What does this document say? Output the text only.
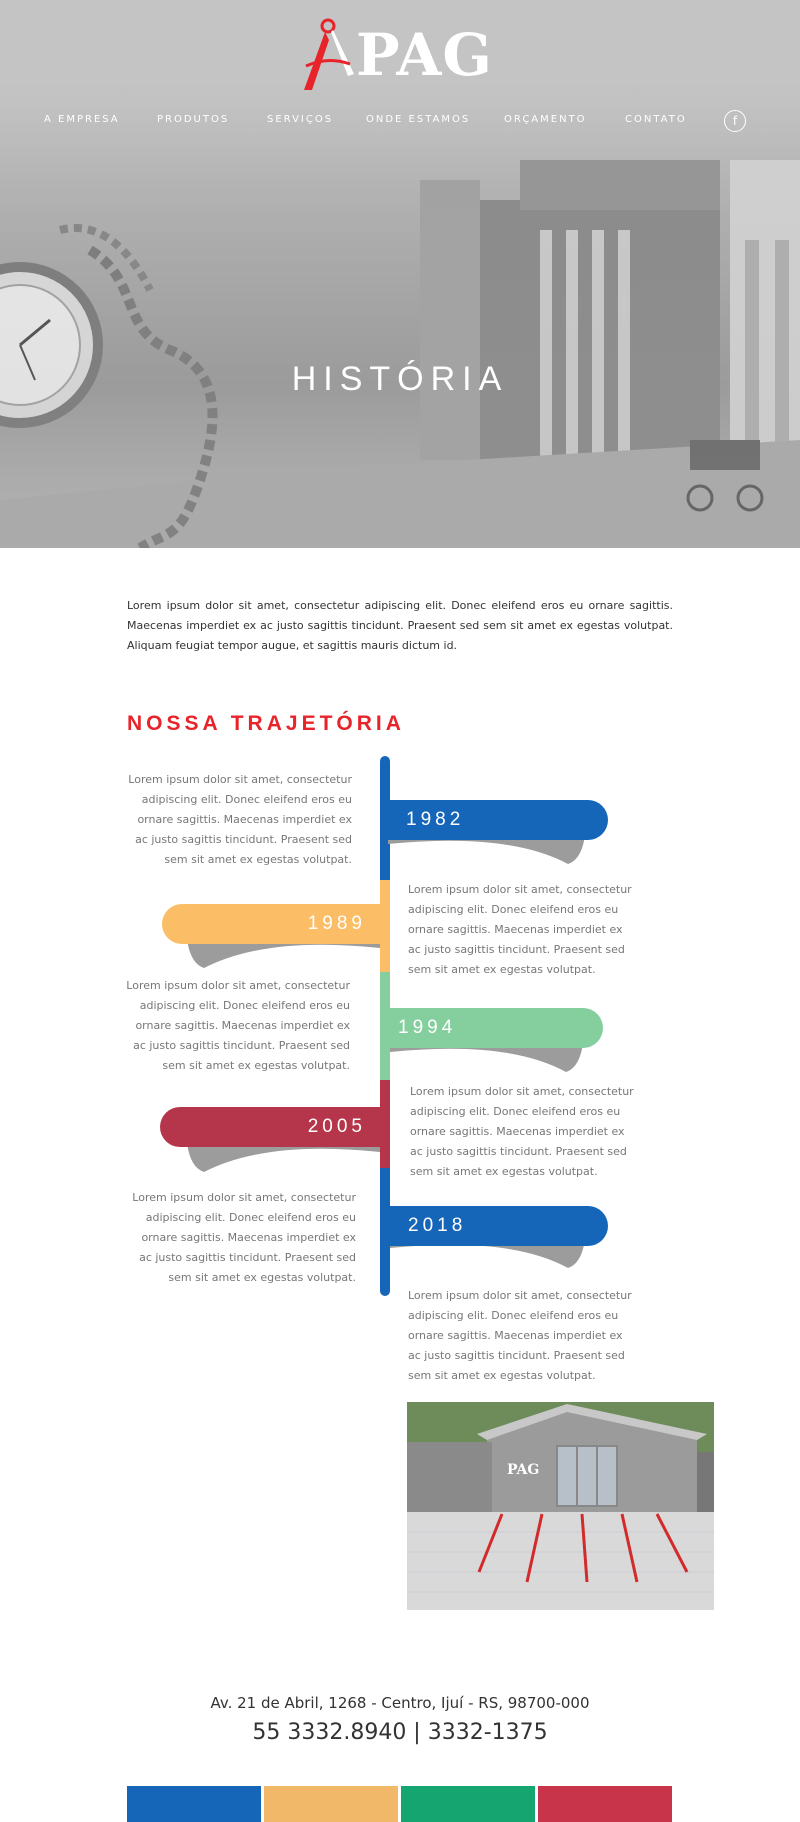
PAG
A EMPRESA	PRODUTOS	SERVIÇOS	ONDE ESTAMOS	ORÇAMENTO	CONTATO	f
HISTÓRIA

Lorem ipsum dolor sit amet, consectetur adipiscing elit. Donec eleifend eros eu ornare sagittis. Maecenas imperdiet ex ac justo sagittis tincidunt. Praesent sed sem sit amet ex egestas volutpat. Aliquam feugiat tempor augue, et sagittis mauris dictum id.

NOSSA TRAJETÓRIA

Lorem ipsum dolor sit amet, consectetur adipiscing elit. Donec eleifend eros eu ornare sagittis. Maecenas imperdiet ex ac justo sagittis tincidunt. Praesent sed sem sit amet ex egestas volutpat.

1982
1989

Lorem ipsum dolor sit amet, consectetur adipiscing elit. Donec eleifend eros eu ornare sagittis. Maecenas imperdiet ex ac justo sagittis tincidunt. Praesent sed sem sit amet ex egestas volutpat.

Lorem ipsum dolor sit amet, consectetur adipiscing elit. Donec eleifend eros eu ornare sagittis. Maecenas imperdiet ex ac justo sagittis tincidunt. Praesent sed sem sit amet ex egestas volutpat.

1994
2005

Lorem ipsum dolor sit amet, consectetur adipiscing elit. Donec eleifend eros eu ornare sagittis. Maecenas imperdiet ex ac justo sagittis tincidunt. Praesent sed sem sit amet ex egestas volutpat.

Lorem ipsum dolor sit amet, consectetur adipiscing elit. Donec eleifend eros eu ornare sagittis. Maecenas imperdiet ex ac justo sagittis tincidunt. Praesent sed sem sit amet ex egestas volutpat.

2018

Lorem ipsum dolor sit amet, consectetur adipiscing elit. Donec eleifend eros eu ornare sagittis. Maecenas imperdiet ex ac justo sagittis tincidunt. Praesent sed sem sit amet ex egestas volutpat.

PAG

Av. 21 de Abril, 1268 - Centro, Ijuí - RS, 98700-000

55 3332.8940 | 3332-1375
